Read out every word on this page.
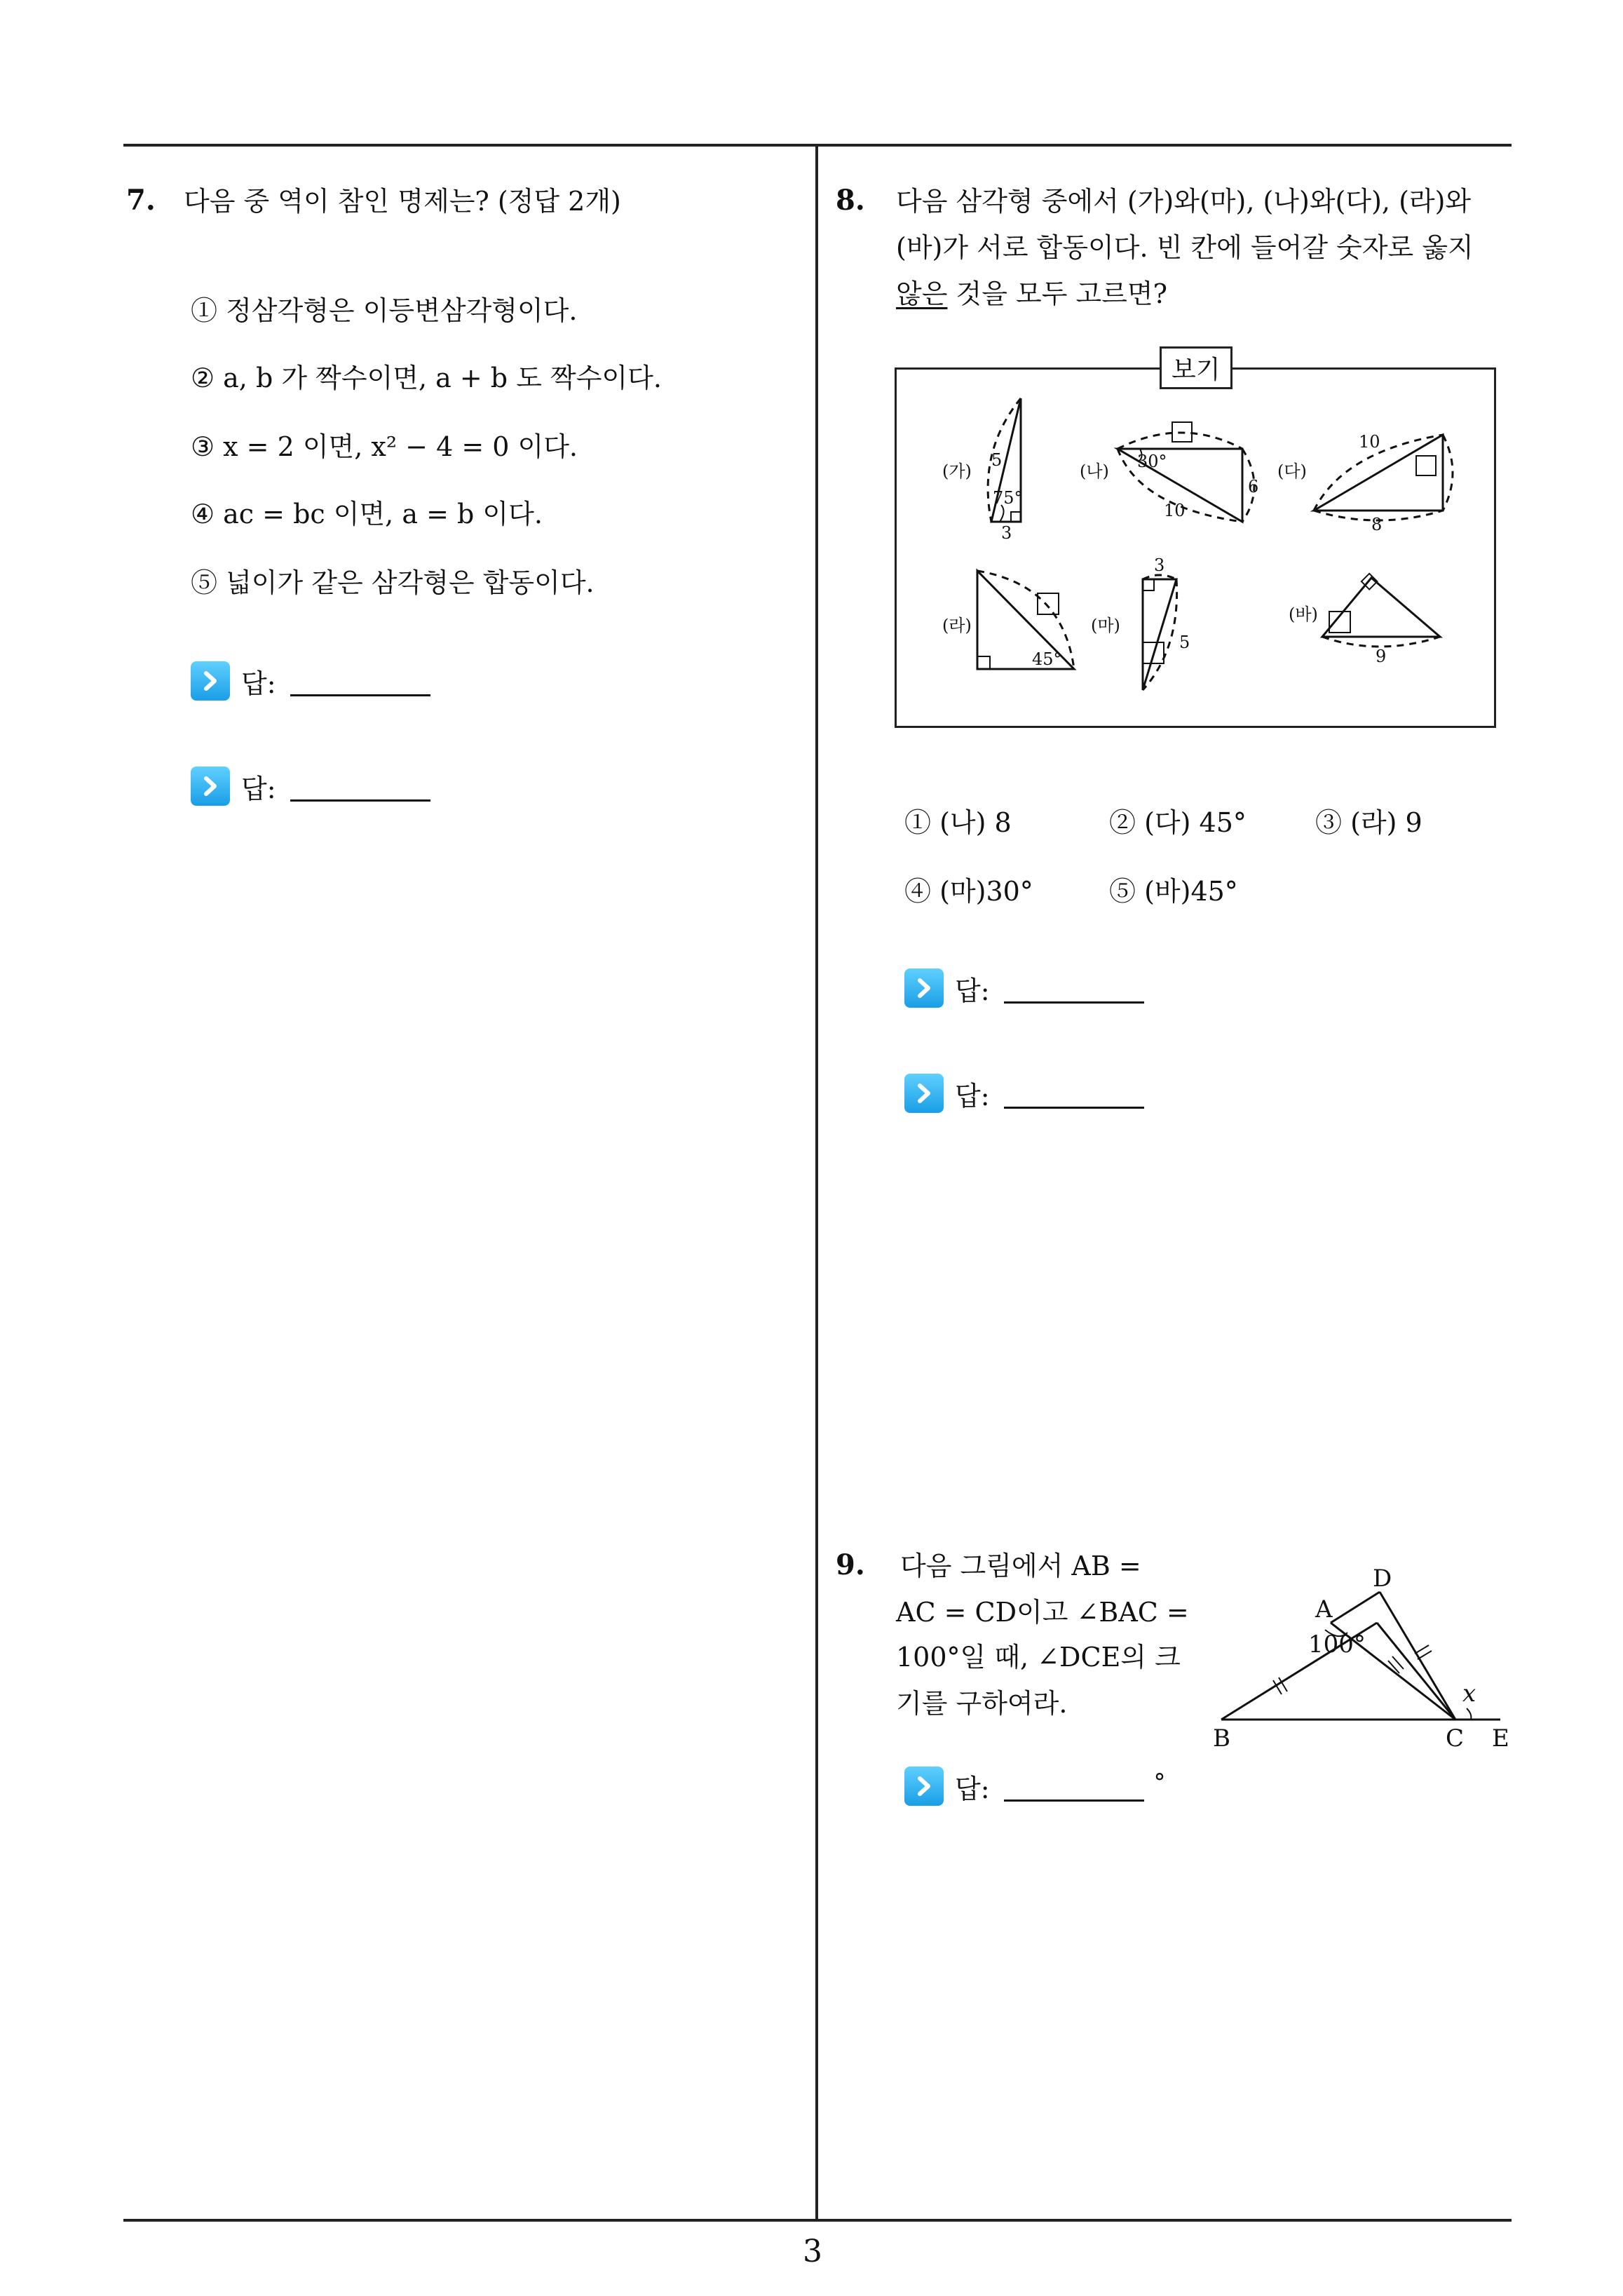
3
7. 다음 중 역이 참인 명제는? (정답 2개)
① 정삼각형은 이등변삼각형이다.
② a, b 가 짝수이면, a + b 도 짝수이다.
③ x = 2 이면, x² − 4 = 0 이다.
④ ac = bc 이면, a = b 이다.
⑤ 넓이가 같은 삼각형은 합동이다.
답:
답:
8. 다음 삼각형 중에서 (가)와(마), (나)와(다), (라)와
(바)가 서로 합동이다. 빈 칸에 들어갈 숫자로 옳지
않은 것을 모두 고르면?
보기
(가)
5
75°
3
(나) 30°
6
10
(다)
10
8
(라)
45°
(마)
3
5
(바)
9
① (나) 8	② (다) 45°	③ (라) 9
④ (마)30°	⑤ (바)45°
답:
답:
9. 다음 그림에서 AB =
AC = CD이고 ∠BAC =
100°일 때, ∠DCE의 크
기를 구하여라.
D
A
100°
x
B	C E
답:	°
